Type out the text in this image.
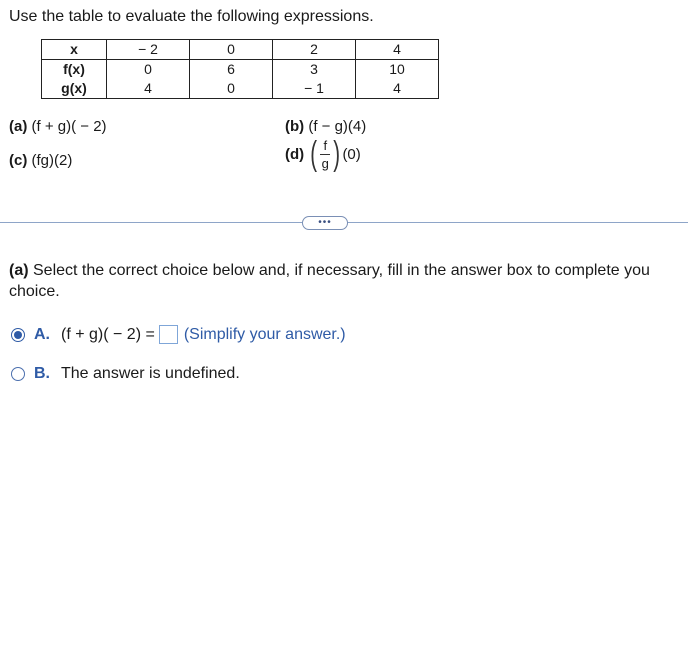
Use the table to evaluate the following expressions.
x	− 2	0	2	4
f(x)	0	6	3	10
g(x)	4	0	− 1	4
(a) (f + g)( − 2)	(b) (f − g)(4)
(c) (fg)(2)	(d) ( $\frac{f}{g}$ ) (0)
•••
(a) Select the correct choice below and, if necessary, fill in the answer box to complete you choice.
A. (f + g)( − 2) = (Simplify your answer.)
B. The answer is undefined.
